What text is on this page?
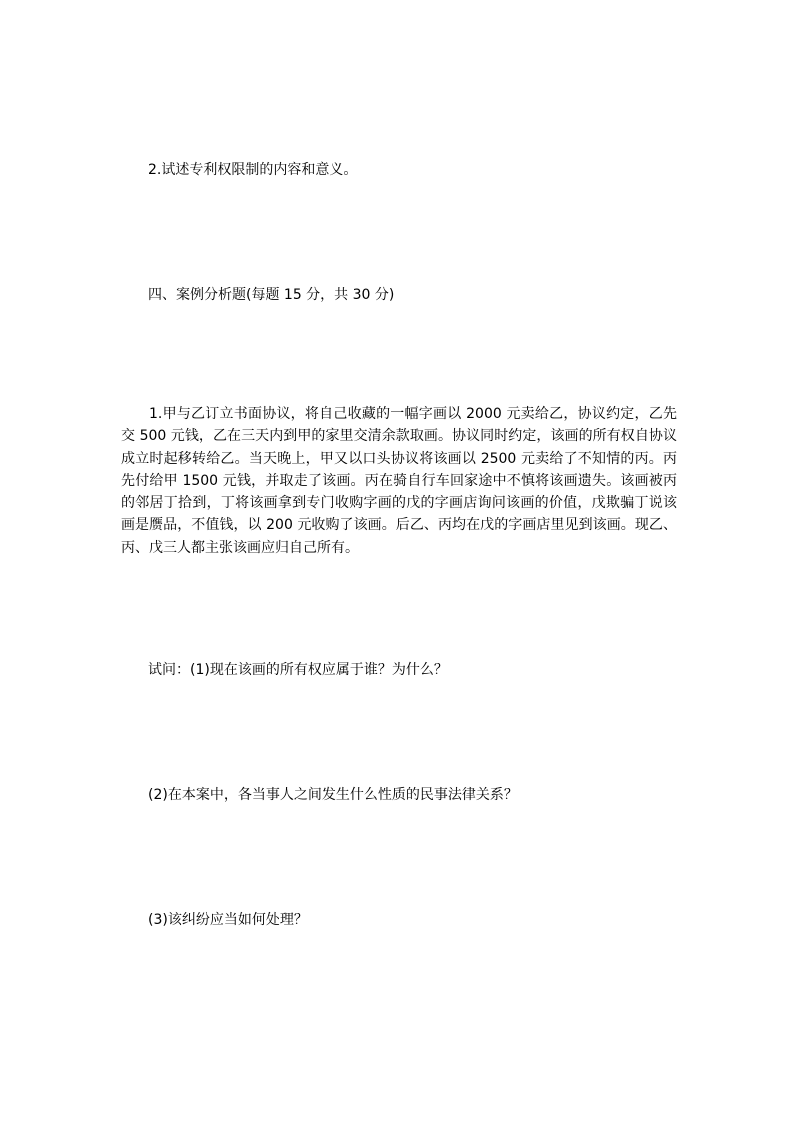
2.试述专利权限制的内容和意义。
四、案例分析题(每题 15 分，共 30 分)
1.甲与乙订立书面协议，将自己收藏的一幅字画以 2000 元卖给乙，协议约定，乙先交 500 元钱，乙在三天内到甲的家里交清余款取画。协议同时约定，该画的所有权自协议成立时起移转给乙。当天晚上，甲又以口头协议将该画以 2500 元卖给了不知情的丙。丙先付给甲 1500 元钱，并取走了该画。丙在骑自行车回家途中不慎将该画遗失。该画被丙的邻居丁拾到，丁将该画拿到专门收购字画的戊的字画店询问该画的价值，戊欺骗丁说该画是赝品，不值钱，以 200 元收购了该画。后乙、丙均在戊的字画店里见到该画。现乙、丙、戊三人都主张该画应归自己所有。
试问：(1)现在该画的所有权应属于谁？为什么？
(2)在本案中，各当事人之间发生什么性质的民事法律关系？
(3)该纠纷应当如何处理？
